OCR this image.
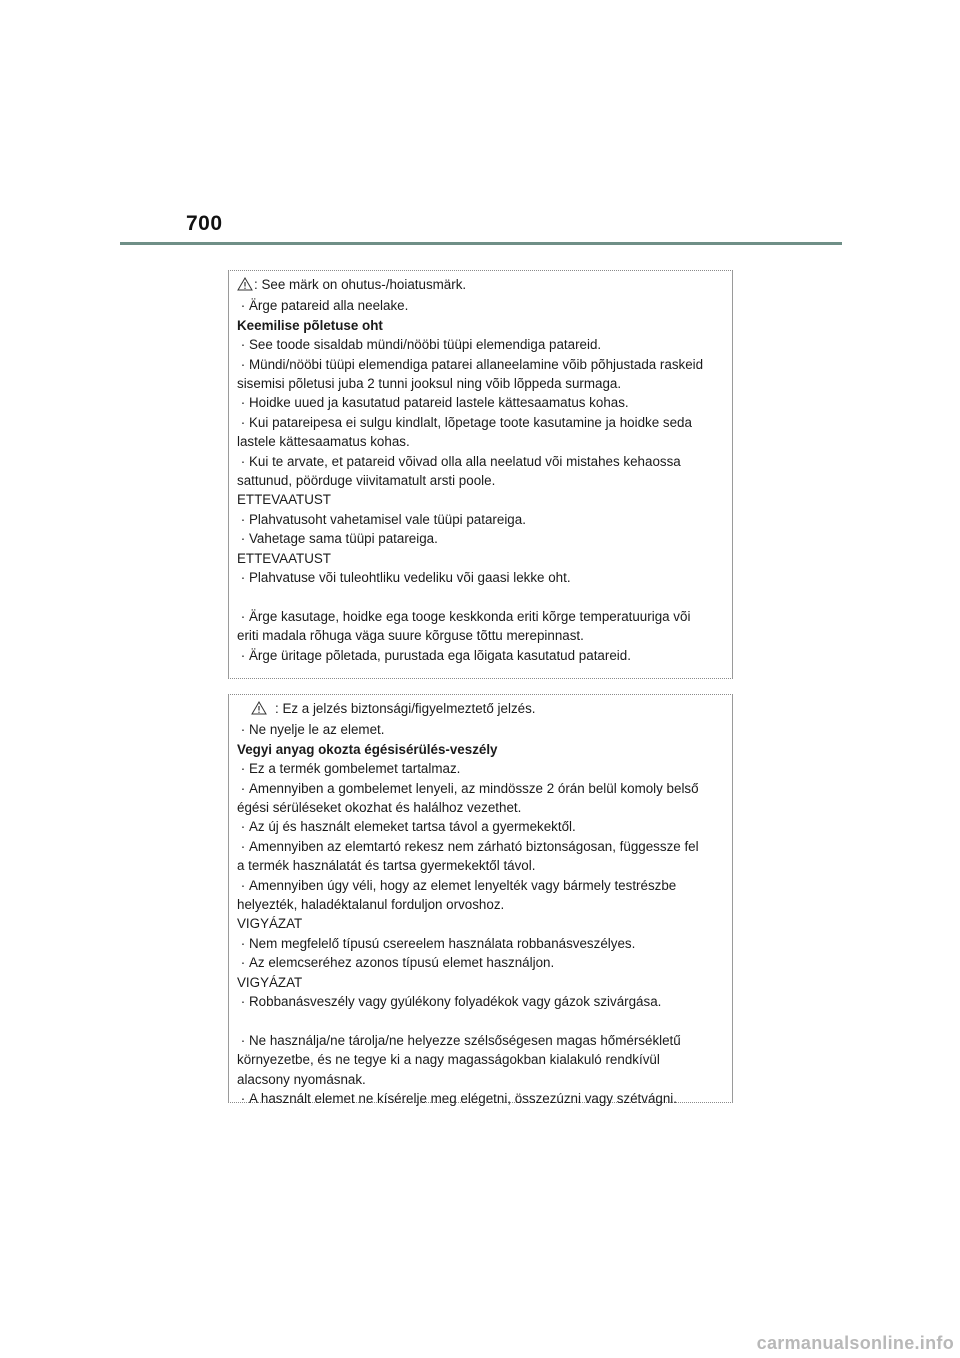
700

: See märk on ohutus-/hoiatusmärk.

· Ärge patareid alla neelake.

Keemilise põletuse oht

· See toode sisaldab mündi/nööbi tüüpi elemendiga patareid.

· Mündi/nööbi tüüpi elemendiga patarei allaneelamine võib põhjustada raskeid

sisemisi põletusi juba 2 tunni jooksul ning võib lõppeda surmaga.

· Hoidke uued ja kasutatud patareid lastele kättesaamatus kohas.

· Kui patareipesa ei sulgu kindlalt, lõpetage toote kasutamine ja hoidke seda

lastele kättesaamatus kohas.

· Kui te arvate, et patareid võivad olla alla neelatud või mistahes kehaossa

sattunud, pöörduge viivitamatult arsti poole.

ETTEVAATUST

· Plahvatusoht vahetamisel vale tüüpi patareiga.

· Vahetage sama tüüpi patareiga.

ETTEVAATUST

· Plahvatuse või tuleohtliku vedeliku või gaasi lekke oht.

· Ärge kasutage, hoidke ega tooge keskkonda eriti kõrge temperatuuriga või

eriti madala rõhuga väga suure kõrguse tõttu merepinnast.

· Ärge üritage põletada, purustada ega lõigata kasutatud patareid.

: Ez a jelzés biztonsági/figyelmeztető jelzés.

· Ne nyelje le az elemet.

Vegyi anyag okozta égésisérülés-veszély

· Ez a termék gombelemet tartalmaz.

· Amennyiben a gombelemet lenyeli, az mindössze 2 órán belül komoly belső

égési sérüléseket okozhat és halálhoz vezethet.

· Az új és használt elemeket tartsa távol a gyermekektől.

· Amennyiben az elemtartó rekesz nem zárható biztonságosan, függessze fel

a termék használatát és tartsa gyermekektől távol.

· Amennyiben úgy véli, hogy az elemet lenyelték vagy bármely testrészbe

helyezték, haladéktalanul forduljon orvoshoz.

VIGYÁZAT

· Nem megfelelő típusú csereelem használata robbanásveszélyes.

· Az elemcseréhez azonos típusú elemet használjon.

VIGYÁZAT

· Robbanásveszély vagy gyúlékony folyadékok vagy gázok szivárgása.

· Ne használja/ne tárolja/ne helyezze szélsőségesen magas hőmérsékletű

környezetbe, és ne tegye ki a nagy magasságokban kialakuló rendkívül

alacsony nyomásnak.

· A használt elemet ne kísérelje meg elégetni, összezúzni vagy szétvágni.

carmanualsonline.info
